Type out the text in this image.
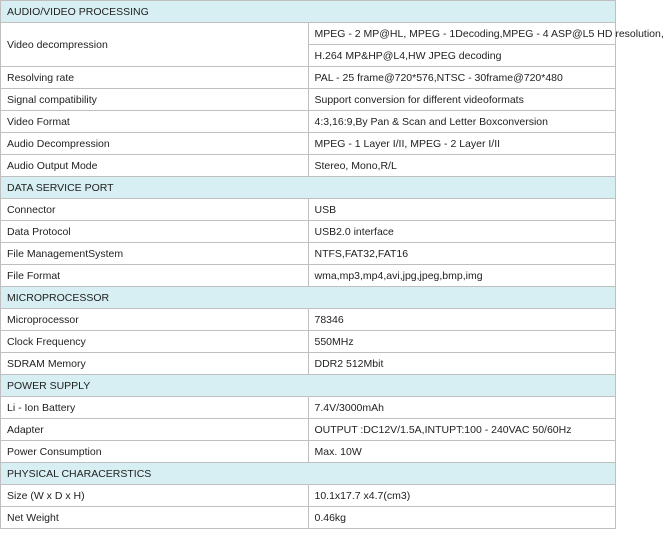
AUDIO/VIDEO PROCESSING	
Video decompression	MPEG - 2 MP@HL, MPEG - 1Decoding,MPEG - 4 ASP@L5 HD resolution,
	H.264 MP&HP@L4,HW JPEG decoding
Resolving rate	PAL - 25 frame@720*576,NTSC - 30frame@720*480
Signal compatibility	Support conversion for different videoformats
Video Format	4:3,16:9,By Pan & Scan and Letter Boxconversion
Audio Decompression	MPEG - 1 Layer I/II, MPEG - 2 Layer I/II
Audio Output Mode	Stereo, Mono,R/L
DATA SERVICE PORT	
Connector	USB
Data Protocol	USB2.0 interface
File ManagementSystem	NTFS,FAT32,FAT16
File Format	wma,mp3,mp4,avi,jpg,jpeg,bmp,img
MICROPROCESSOR	
Microprocessor	78346
Clock Frequency	550MHz
SDRAM Memory	DDR2 512Mbit
POWER SUPPLY	
Li - Ion Battery	7.4V/3000mAh
Adapter	OUTPUT :DC12V/1.5A,INTUPT:100 - 240VAC 50/60Hz
Power Consumption	Max. 10W
PHYSICAL CHARACERSTICS	
Size (W x D x H)	10.1x17.7 x4.7(cm3)
Net Weight	0.46kg
